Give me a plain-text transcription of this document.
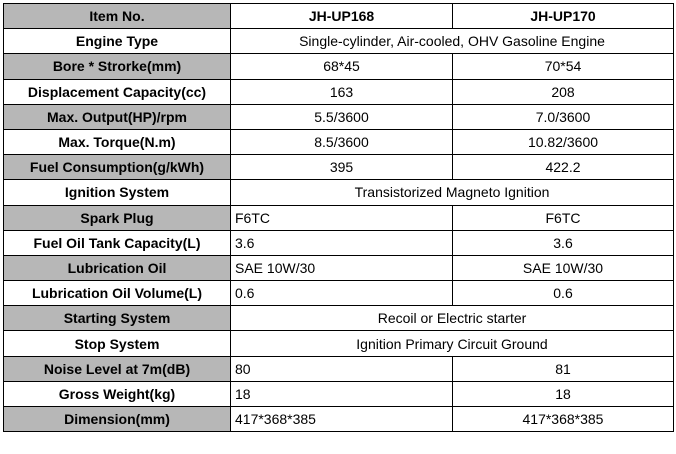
Item No.	JH-UP168	JH-UP170
Engine Type	Single-cylinder, Air-cooled, OHV Gasoline Engine	
Bore * Strorke(mm)	68*45	70*54
Displacement Capacity(cc)	163	208
Max. Output(HP)/rpm	5.5/3600	7.0/3600
Max. Torque(N.m)	8.5/3600	10.82/3600
Fuel Consumption(g/kWh)	395	422.2
Ignition System	Transistorized Magneto Ignition	
Spark Plug	F6TC	F6TC
Fuel Oil Tank Capacity(L)	3.6	3.6
Lubrication Oil	SAE 10W/30	SAE 10W/30
Lubrication Oil Volume(L)	0.6	0.6
Starting System	Recoil or Electric starter	
Stop System	Ignition Primary Circuit Ground	
Noise Level at 7m(dB)	80	81
Gross Weight(kg)	18	18
Dimension(mm)	417*368*385	417*368*385
